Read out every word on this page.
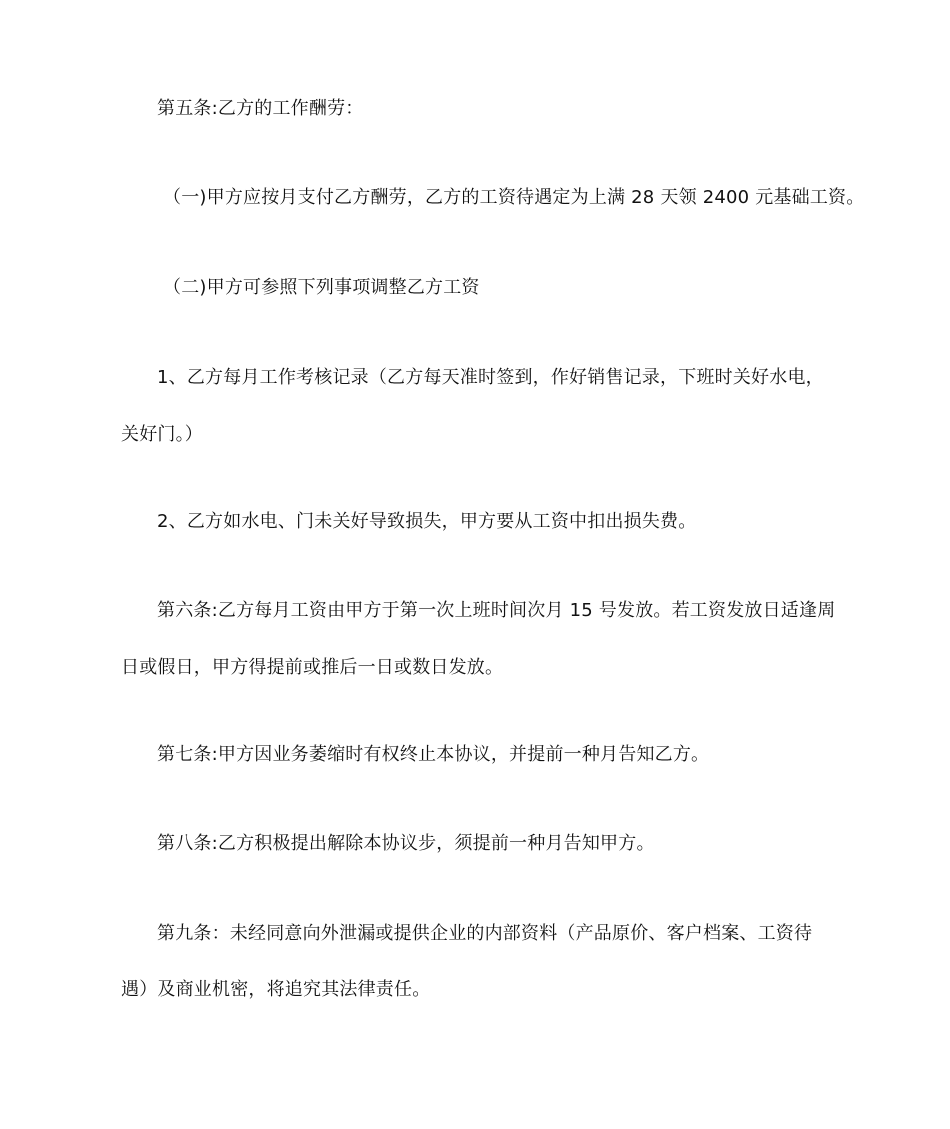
第五条:乙方的工作酬劳：
（一)甲方应按月支付乙方酬劳，乙方的工资待遇定为上满 28 天领 2400 元基础工资。
（二)甲方可参照下列事项调整乙方工资
1、乙方每月工作考核记录（乙方每天准时签到，作好销售记录，下班时关好水电，
关好门。）
2、乙方如水电、门未关好导致损失，甲方要从工资中扣出损失费。
第六条:乙方每月工资由甲方于第一次上班时间次月 15 号发放。若工资发放日适逢周
日或假日，甲方得提前或推后一日或数日发放。
第七条:甲方因业务萎缩时有权终止本协议，并提前一种月告知乙方。
第八条:乙方积极提出解除本协议步，须提前一种月告知甲方。
第九条：未经同意向外泄漏或提供企业的内部资料（产品原价、客户档案、工资待
遇）及商业机密，将追究其法律责任。
